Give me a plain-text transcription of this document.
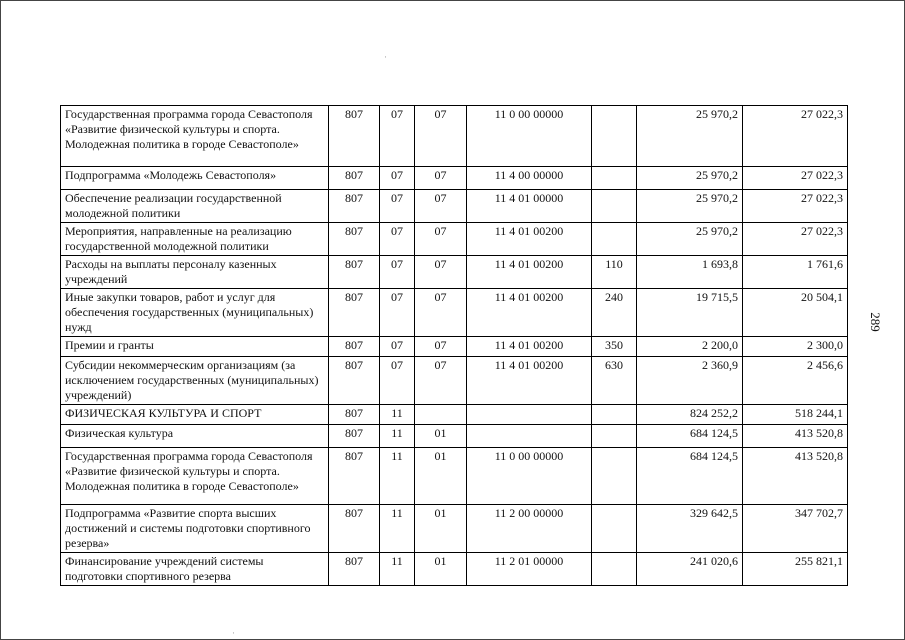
·
·
Государственная программа города Севастополя «Развитие физической культуры и спорта. Молодежная политика в городе Севастополе»	807	07	07	11 0 00 00000		25 970,2	27 022,3
Подпрограмма «Молодежь Севастополя»	807	07	07	11 4 00 00000		25 970,2	27 022,3
Обеспечение реализации государственной молодежной политики	807	07	07	11 4 01 00000		25 970,2	27 022,3
Мероприятия, направленные на реализацию государственной молодежной политики	807	07	07	11 4 01 00200		25 970,2	27 022,3
Расходы на выплаты персоналу казенных учреждений	807	07	07	11 4 01 00200	110	1 693,8	1 761,6
Иные закупки товаров, работ и услуг для обеспечения государственных (муниципальных) нужд	807	07	07	11 4 01 00200	240	19 715,5	20 504,1
Премии и гранты	807	07	07	11 4 01 00200	350	2 200,0	2 300,0
Субсидии некоммерческим организациям (за исключением государственных (муниципальных) учреждений)	807	07	07	11 4 01 00200	630	2 360,9	2 456,6
ФИЗИЧЕСКАЯ КУЛЬТУРА И СПОРТ	807	11				824 252,2	518 244,1
Физическая культура	807	11	01			684 124,5	413 520,8
Государственная программа города Севастополя «Развитие физической культуры и спорта. Молодежная политика в городе Севастополе»	807	11	01	11 0 00 00000		684 124,5	413 520,8
Подпрограмма «Развитие спорта высших достижений и системы подготовки спортивного резерва»	807	11	01	11 2 00 00000		329 642,5	347 702,7
Финансирование учреждений системы подготовки спортивного резерва	807	11	01	11 2 01 00000		241 020,6	255 821,1
289
